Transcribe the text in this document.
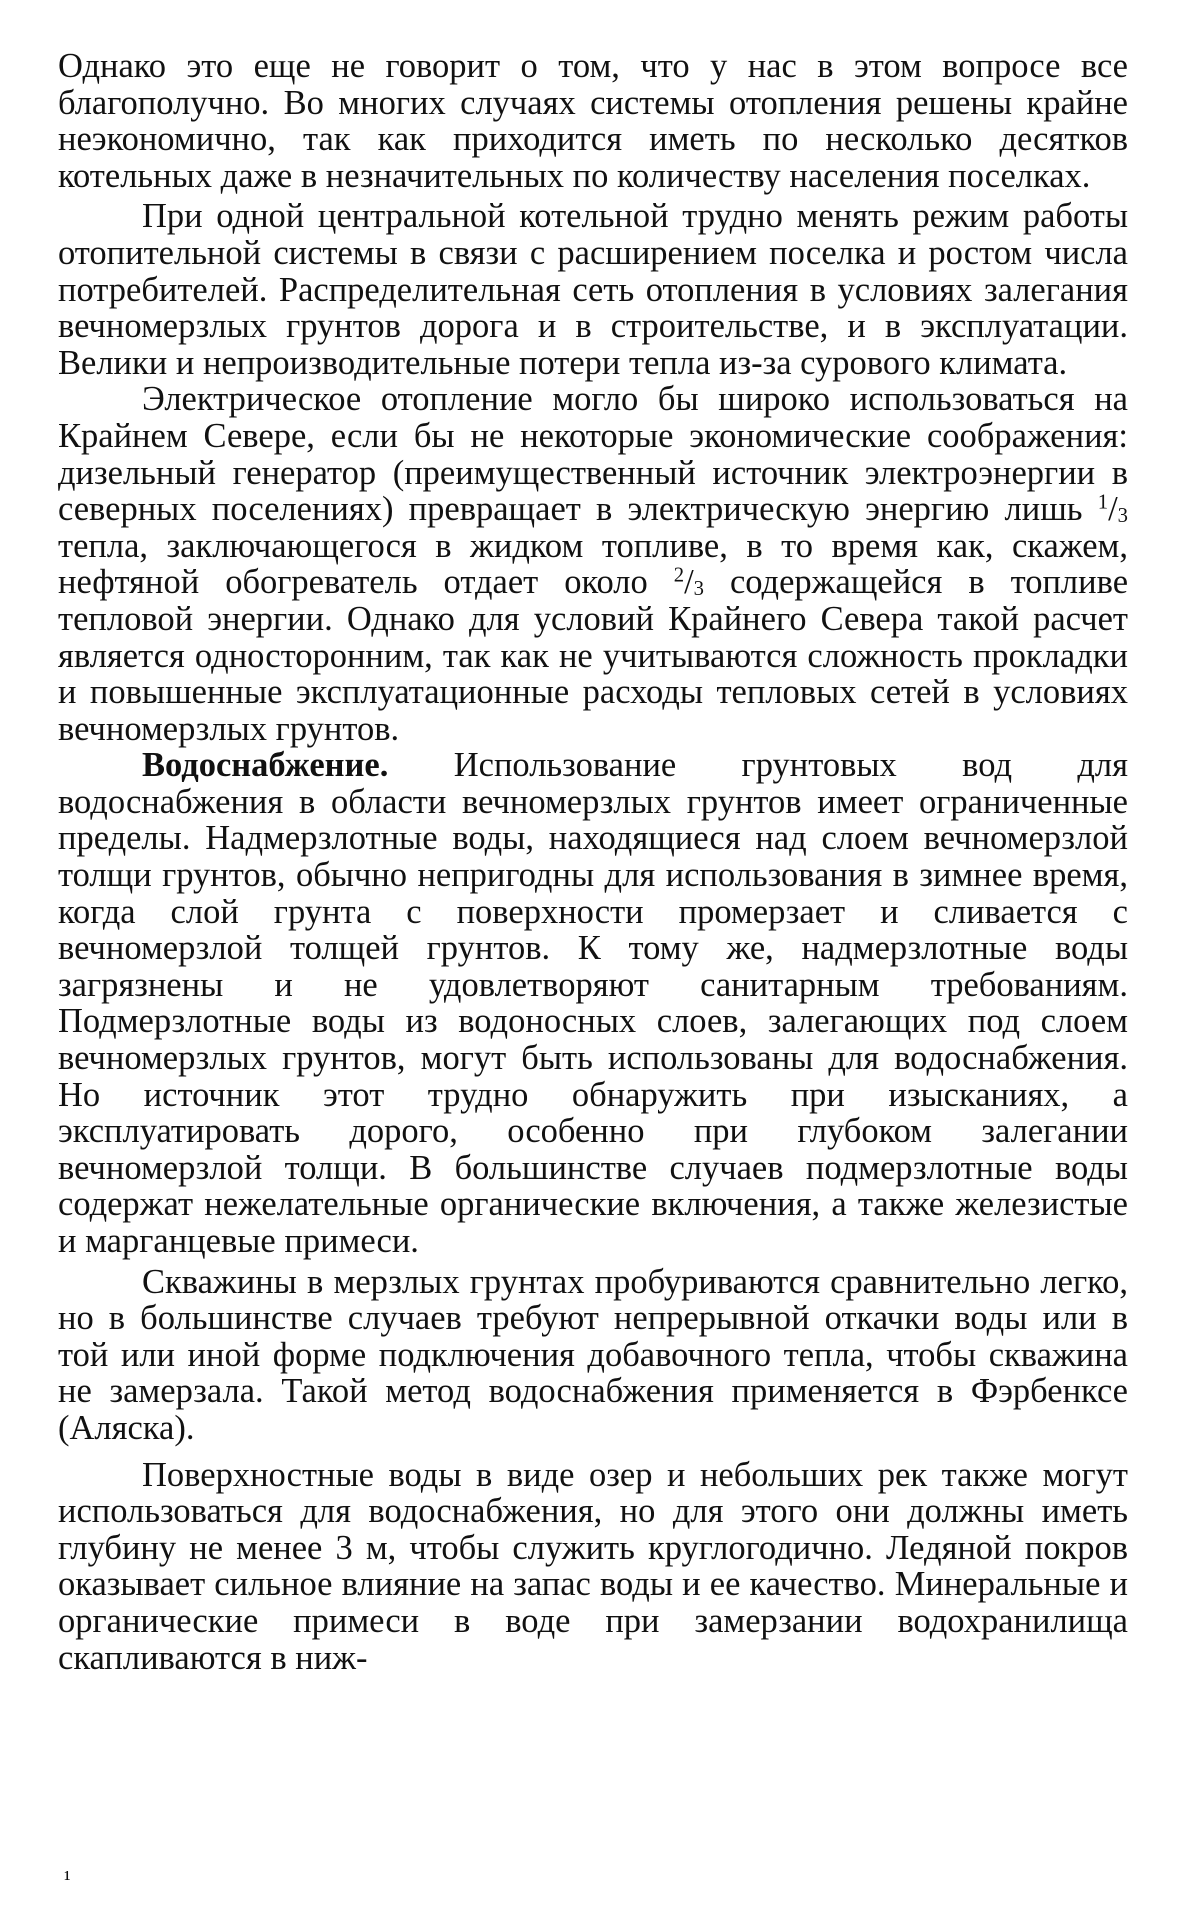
Однако это еще не говорит о том, что у нас в этом вопросе все благополучно. Во многих случаях системы отопления решены крайне неэкономично, так как приходится иметь по несколько десятков котельных даже в незначительных по количеству населения поселках.

При одной центральной котельной трудно менять режим работы отопительной системы в связи с расширением поселка и ростом числа потребителей. Распределительная сеть отопления в условиях залегания вечномерзлых грунтов дорога и в строительстве, и в эксплуатации. Велики и непроизводительные потери тепла из-за сурового климата.

Электрическое отопление могло бы широко использоваться на Крайнем Севере, если бы не некоторые экономические соображения: дизельный генератор (преимущественный источник электроэнергии в северных поселениях) превращает в электрическую энергию лишь $^1/_3$ тепла, заключающегося в жидком топливе, в то время как, скажем, нефтяной обогреватель отдает около $^2/_3$ содержащейся в топливе тепловой энергии. Однако для условий Крайнего Севера такой расчет является односторонним, так как не учитываются сложность прокладки и повышенные эксплуатационные расходы тепловых сетей в условиях вечномерзлых грунтов.

Водоснабжение. Использование грунтовых вод для водоснабжения в области вечномерзлых грунтов имеет ограниченные пределы. Надмерзлотные воды, находящиеся над слоем вечномерзлой толщи грунтов, обычно непригодны для использования в зимнее время, когда слой грунта с поверхности промерзает и сливается с вечномерзлой толщей грунтов. К тому же, надмерзлотные воды загрязнены и не удовлетворяют санитарным требованиям. Подмерзлотные воды из водоносных слоев, залегающих под слоем вечномерзлых грунтов, могут быть использованы для водоснабжения. Но источник этот трудно обнаружить при изысканиях, а эксплуатировать дорого, особенно при глубоком залегании вечномерзлой толщи. В большинстве случаев подмерзлотные воды содержат нежелательные органические включения, а также железистые и марганцевые примеси.

Скважины в мерзлых грунтах пробуриваются сравнительно легко, но в большинстве случаев требуют непрерывной откачки воды или в той или иной форме подключения добавочного тепла, чтобы скважина не замерзала. Такой метод водоснабжения применяется в Фэрбенксе (Аляска).

Поверхностные воды в виде озер и небольших рек также могут использоваться для водоснабжения, но для этого они должны иметь глубину не менее 3 м, чтобы служить круглогодично. Ледяной покров оказывает сильное влияние на запас воды и ее качество. Минеральные и органические примеси в воде при замерзании водохранилища скапливаются в ниж-

¹
